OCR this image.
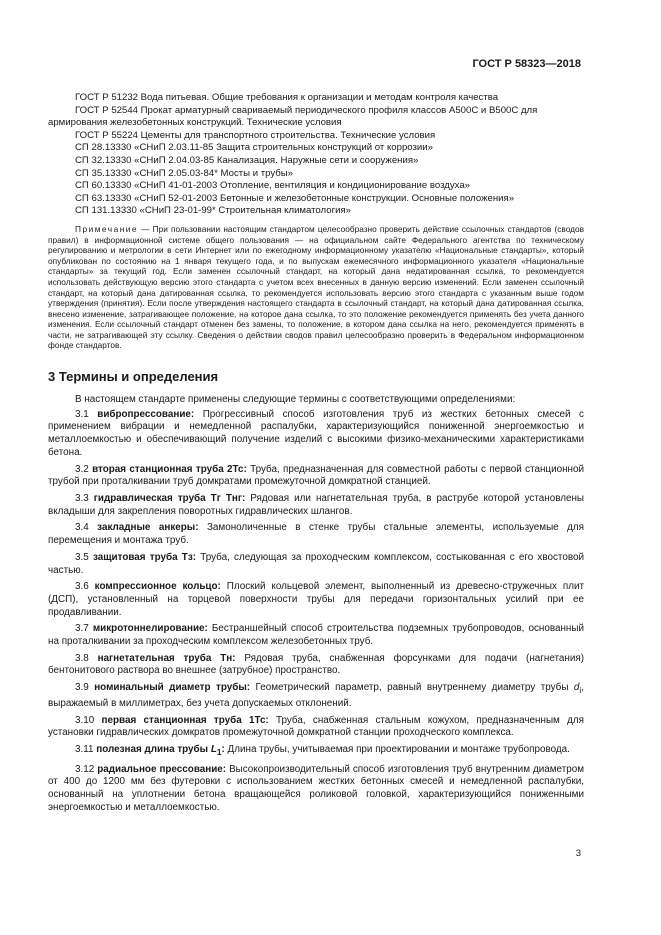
ГОСТ Р 58323—2018

ГОСТ Р 51232 Вода питьевая. Общие требования к организации и методам контроля качества

ГОСТ Р 52544 Прокат арматурный свариваемый периодического профиля классов А500С и В500С для армирования железобетонных конструкций. Технические условия

ГОСТ Р 55224 Цементы для транспортного строительства. Технические условия

СП 28.13330 «СНиП 2.03.11-85 Защита строительных конструкций от коррозии»

СП 32.13330 «СНиП 2.04.03-85 Канализация. Наружные сети и сооружения»

СП 35.13330 «СНиП 2.05.03-84* Мосты и трубы»

СП 60.13330 «СНиП 41-01-2003 Отопление, вентиляция и кондиционирование воздуха»

СП 63.13330 «СНиП 52-01-2003 Бетонные и железобетонные конструкции. Основные положения»

СП 131.13330 «СНиП 23-01-99* Строительная климатология»

Примечание — При пользовании настоящим стандартом целесообразно проверить действие ссылочных стандартов (сводов правил) в информационной системе общего пользования — на официальном сайте Федерального агентства по техническому регулированию и метрологии в сети Интернет или по ежегодному информационному указателю «Национальные стандарты», который опубликован по состоянию на 1 января текущего года, и по выпускам ежемесячного информационного указателя «Национальные стандарты» за текущий год. Если заменен ссылочный стандарт, на который дана недатированная ссылка, то рекомендуется использовать действующую версию этого стандарта с учетом всех внесенных в данную версию изменений. Если заменен ссылочный стандарт, на который дана датированная ссылка, то рекомендуется использовать версию этого стандарта с указанным выше годом утверждения (принятия). Если после утверждения настоящего стандарта в ссылочный стандарт, на который дана датированная ссылка, внесено изменение, затрагивающее положение, на которое дана ссылка, то это положение рекомендуется применять без учета данного изменения. Если ссылочный стандарт отменен без замены, то положение, в котором дана ссылка на него, рекомендуется применять в части, не затрагивающей эту ссылку. Сведения о действии сводов правил целесообразно проверить в Федеральном информационном фонде стандартов.

3 Термины и определения

В настоящем стандарте применены следующие термины с соответствующими определениями:

3.1 вибропрессование: Прогрессивный способ изготовления труб из жестких бетонных смесей с применением вибрации и немедленной распалубки, характеризующийся пониженной энергоемкостью и металлоемкостью и обеспечивающий получение изделий с высокими физико-механическими характеристиками бетона.

3.2 вторая станционная труба 2Тс: Труба, предназначенная для совместной работы с первой станционной трубой при проталкивании труб домкратами промежуточной домкратной станцией.

3.3 гидравлическая труба Тг Тнг: Рядовая или нагнетательная труба, в раструбе которой установлены вкладыши для закрепления поворотных гидравлических шлангов.

3.4 закладные анкеры: Замоноличенные в стенке трубы стальные элементы, используемые для перемещения и монтажа труб.

3.5 защитовая труба Тз: Труба, следующая за проходческим комплексом, состыкованная с его хвостовой частью.

3.6 компрессионное кольцо: Плоский кольцевой элемент, выполненный из древесно-стружечных плит (ДСП), установленный на торцевой поверхности трубы для передачи горизонтальных усилий при ее продавливании.

3.7 микротоннелирование: Бестраншейный способ строительства подземных трубопроводов, основанный на проталкивании за проходческим комплексом железобетонных труб.

3.8 нагнетательная труба Тн: Рядовая труба, снабженная форсунками для подачи (нагнетания) бентонитового раствора во внешнее (затрубное) пространство.

3.9 номинальный диаметр трубы: Геометрический параметр, равный внутреннему диаметру трубы $d_i$, выражаемый в миллиметрах, без учета допускаемых отклонений.

3.10 первая станционная труба 1Тс: Труба, снабженная стальным кожухом, предназначенным для установки гидравлических домкратов промежуточной домкратной станции проходческого комплекса.

3.11 полезная длина трубы $L_1$: Длина трубы, учитываемая при проектировании и монтаже трубопровода.

3.12 радиальное прессование: Высокопроизводительный способ изготовления труб внутренним диаметром от 400 до 1200 мм без футеровки с использованием жестких бетонных смесей и немедленной распалубки, основанный на уплотнении бетона вращающейся роликовой головкой, характеризующийся пониженными энергоемкостью и металлоемкостью.

3
